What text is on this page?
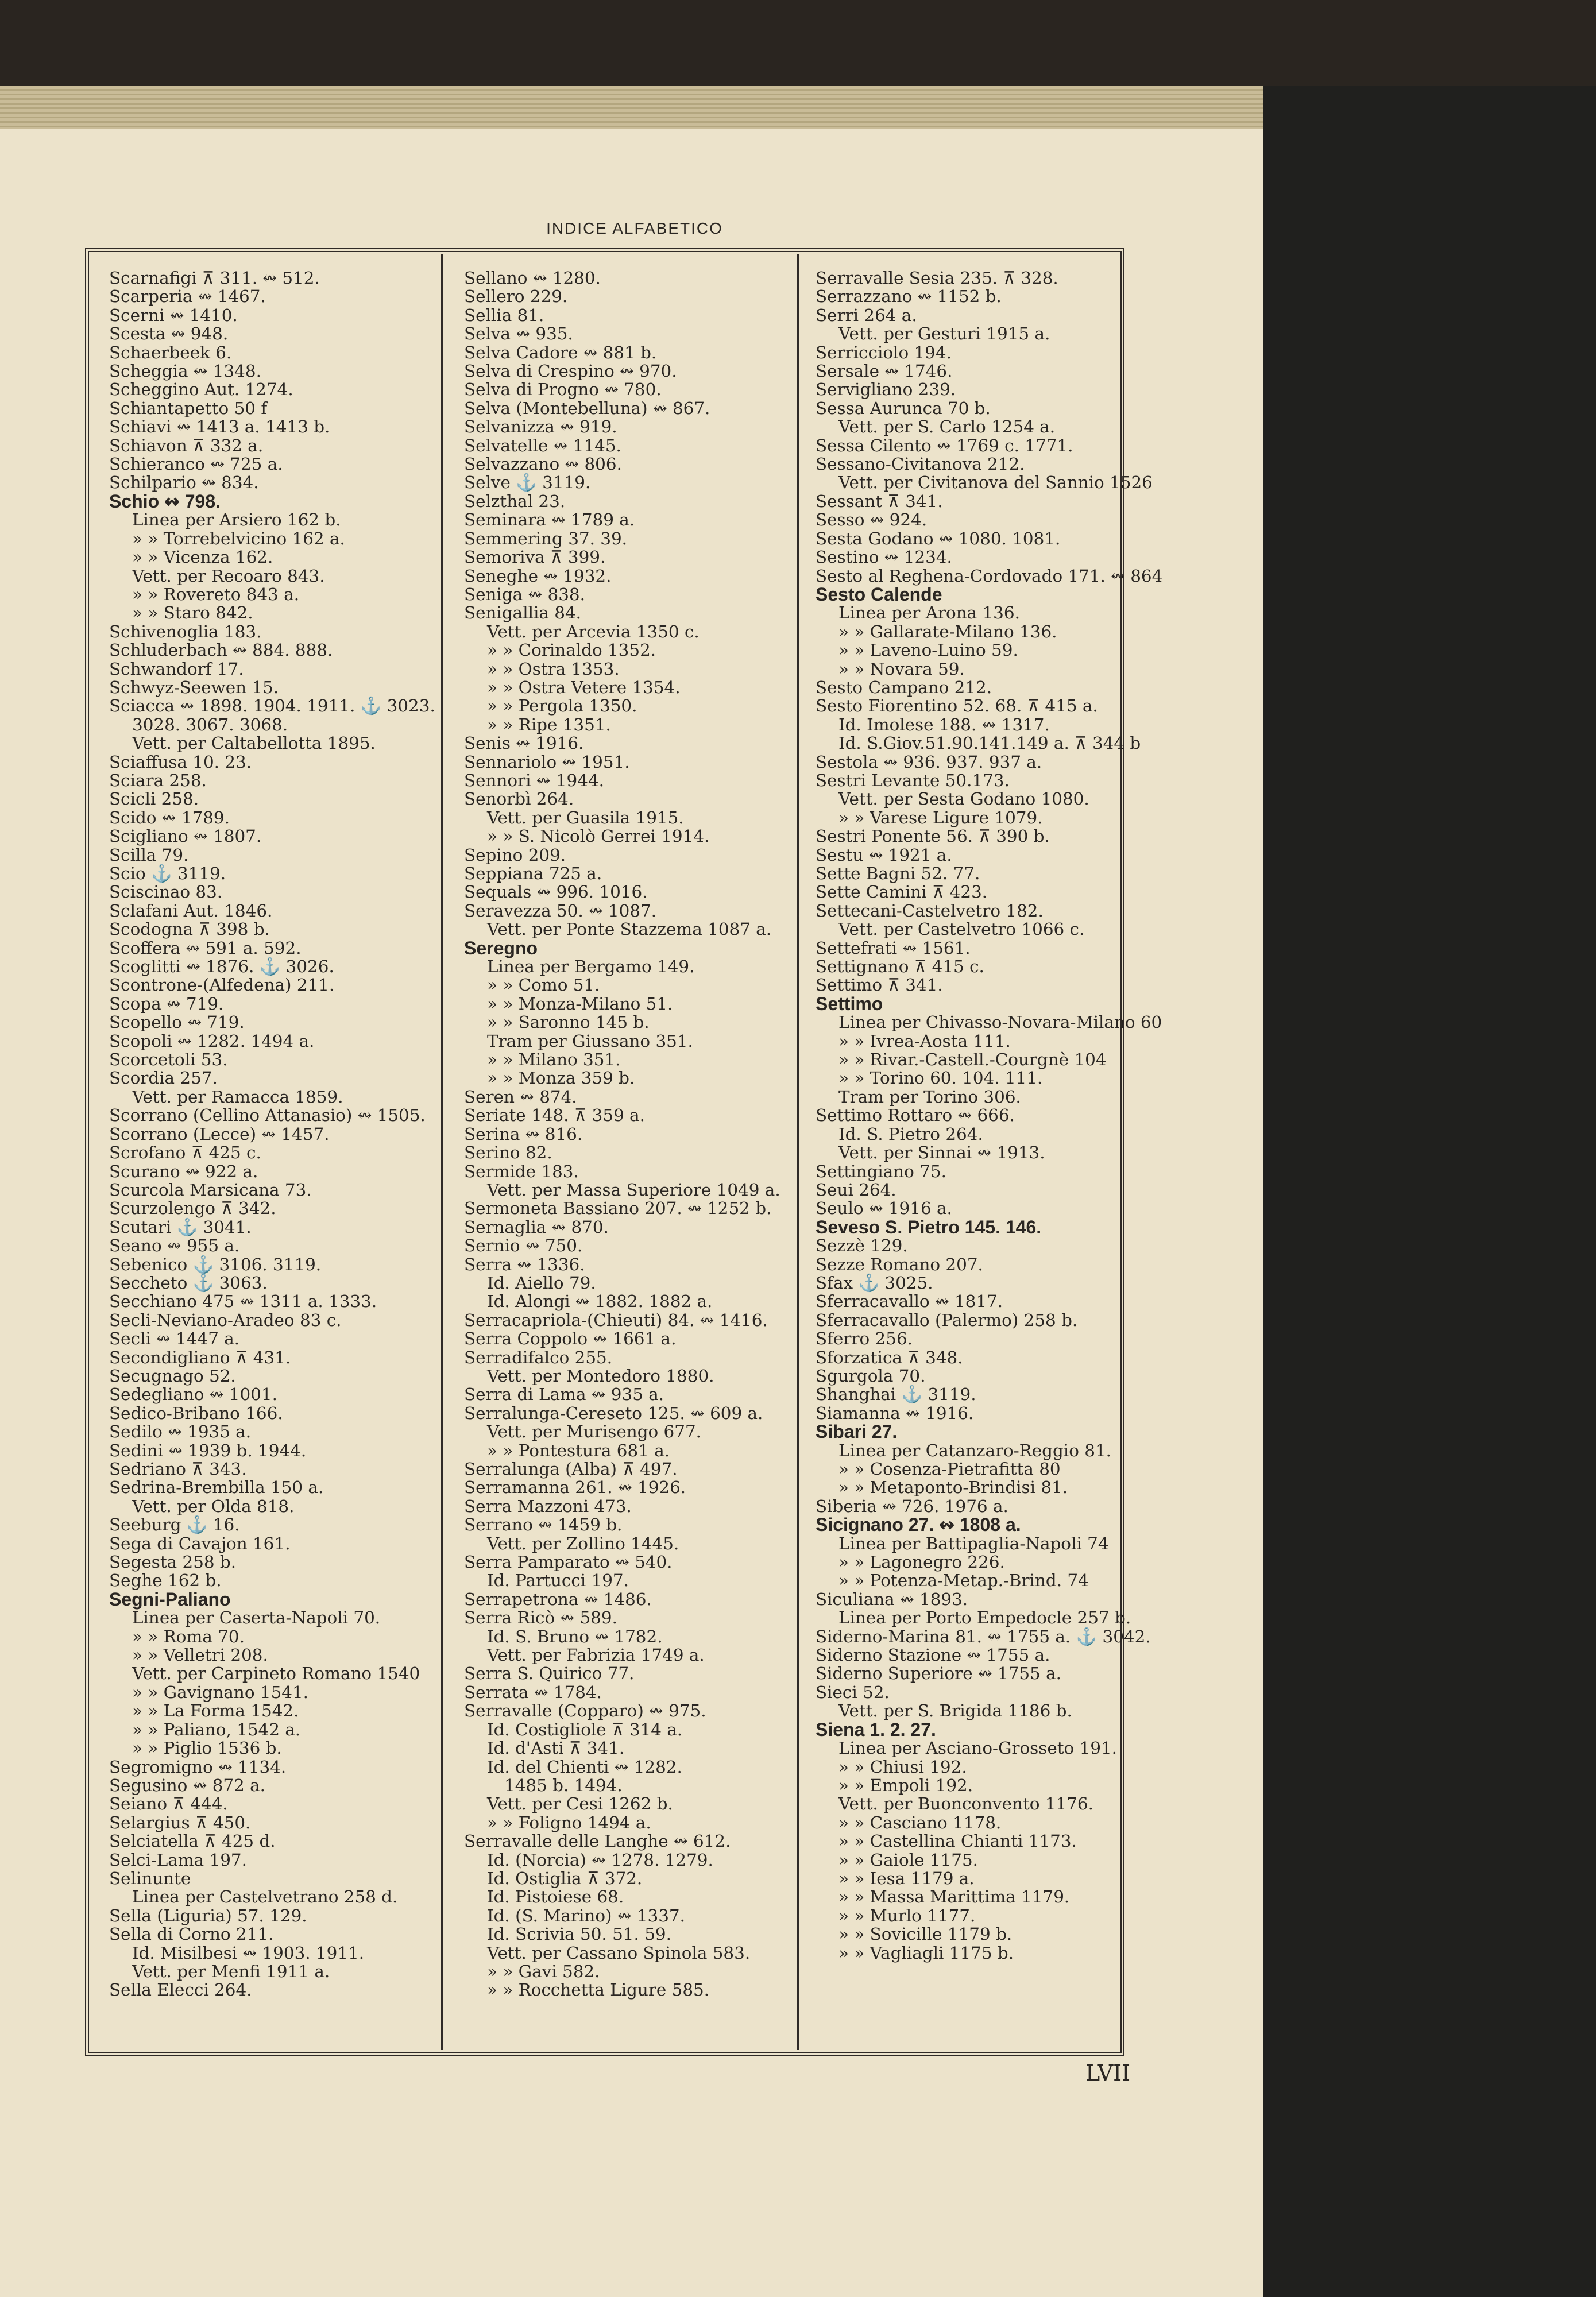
INDICE ALFABETICO
Scarnafigi ⊼ 311. ↭ 512.
Scarperia ↭ 1467.
Scerni ↭ 1410.
Scesta ↭ 948.
Schaerbeek 6.
Scheggia ↭ 1348.
Scheggino Aut. 1274.
Schiantapetto 50 f
Schiavi ↭ 1413 a. 1413 b.
Schiavon ⊼ 332 a.
Schieranco ↭ 725 a.
Schilpario ↭ 834.
Schio ↭ 798.
Linea per Arsiero 162 b.
» » Torrebelvicino 162 a.
» » Vicenza 162.
Vett. per Recoaro 843.
» » Rovereto 843 a.
» » Staro 842.
Schivenoglia 183.
Schluderbach ↭ 884. 888.
Schwandorf 17.
Schwyz-Seewen 15.
Sciacca ↭ 1898. 1904. 1911. ⚓ 3023.
3028. 3067. 3068.
Vett. per Caltabellotta 1895.
Sciaffusa 10. 23.
Sciara 258.
Scicli 258.
Scido ↭ 1789.
Scigliano ↭ 1807.
Scilla 79.
Scio ⚓ 3119.
Sciscinao 83.
Sclafani Aut. 1846.
Scodogna ⊼ 398 b.
Scoffera ↭ 591 a. 592.
Scoglitti ↭ 1876. ⚓ 3026.
Scontrone-(Alfedena) 211.
Scopa ↭ 719.
Scopello ↭ 719.
Scopoli ↭ 1282. 1494 a.
Scorcetoli 53.
Scordia 257.
Vett. per Ramacca 1859.
Scorrano (Cellino Attanasio) ↭ 1505.
Scorrano (Lecce) ↭ 1457.
Scrofano ⊼ 425 c.
Scurano ↭ 922 a.
Scurcola Marsicana 73.
Scurzolengo ⊼ 342.
Scutari ⚓ 3041.
Seano ↭ 955 a.
Sebenico ⚓ 3106. 3119.
Seccheto ⚓ 3063.
Secchiano 475 ↭ 1311 a. 1333.
Secli-Neviano-Aradeo 83 c.
Secli ↭ 1447 a.
Secondigliano ⊼ 431.
Secugnago 52.
Sedegliano ↭ 1001.
Sedico-Bribano 166.
Sedilo ↭ 1935 a.
Sedini ↭ 1939 b. 1944.
Sedriano ⊼ 343.
Sedrina-Brembilla 150 a.
Vett. per Olda 818.
Seeburg ⚓ 16.
Sega di Cavajon 161.
Segesta 258 b.
Seghe 162 b.
Segni-Paliano
Linea per Caserta-Napoli 70.
» » Roma 70.
» » Velletri 208.
Vett. per Carpineto Romano 1540
» » Gavignano 1541.
» » La Forma 1542.
» » Paliano, 1542 a.
» » Piglio 1536 b.
Segromigno ↭ 1134.
Segusino ↭ 872 a.
Seiano ⊼ 444.
Selargius ⊼ 450.
Selciatella ⊼ 425 d.
Selci-Lama 197.
Selinunte
Linea per Castelvetrano 258 d.
Sella (Liguria) 57. 129.
Sella di Corno 211.
Id. Misilbesi ↭ 1903. 1911.
Vett. per Menfi 1911 a.
Sella Elecci 264.
Sellano ↭ 1280.
Sellero 229.
Sellia 81.
Selva ↭ 935.
Selva Cadore ↭ 881 b.
Selva di Crespino ↭ 970.
Selva di Progno ↭ 780.
Selva (Montebelluna) ↭ 867.
Selvanizza ↭ 919.
Selvatelle ↭ 1145.
Selvazzano ↭ 806.
Selve ⚓ 3119.
Selzthal 23.
Seminara ↭ 1789 a.
Semmering 37. 39.
Semoriva ⊼ 399.
Seneghe ↭ 1932.
Seniga ↭ 838.
Senigallia 84.
Vett. per Arcevia 1350 c.
» » Corinaldo 1352.
» » Ostra 1353.
» » Ostra Vetere 1354.
» » Pergola 1350.
» » Ripe 1351.
Senis ↭ 1916.
Sennariolo ↭ 1951.
Sennori ↭ 1944.
Senorbì 264.
Vett. per Guasila 1915.
» » S. Nicolò Gerrei 1914.
Sepino 209.
Seppiana 725 a.
Sequals ↭ 996. 1016.
Seravezza 50. ↭ 1087.
Vett. per Ponte Stazzema 1087 a.
Seregno
Linea per Bergamo 149.
» » Como 51.
» » Monza-Milano 51.
» » Saronno 145 b.
Tram per Giussano 351.
» » Milano 351.
» » Monza 359 b.
Seren ↭ 874.
Seriate 148. ⊼ 359 a.
Serina ↭ 816.
Serino 82.
Sermide 183.
Vett. per Massa Superiore 1049 a.
Sermoneta Bassiano 207. ↭ 1252 b.
Sernaglia ↭ 870.
Sernio ↭ 750.
Serra ↭ 1336.
Id. Aiello 79.
Id. Alongi ↭ 1882. 1882 a.
Serracapriola-(Chieuti) 84. ↭ 1416.
Serra Coppolo ↭ 1661 a.
Serradifalco 255.
Vett. per Montedoro 1880.
Serra di Lama ↭ 935 a.
Serralunga-Cereseto 125. ↭ 609 a.
Vett. per Murisengo 677.
» » Pontestura 681 a.
Serralunga (Alba) ⊼ 497.
Serramanna 261. ↭ 1926.
Serra Mazzoni 473.
Serrano ↭ 1459 b.
Vett. per Zollino 1445.
Serra Pamparato ↭ 540.
Id. Partucci 197.
Serrapetrona ↭ 1486.
Serra Ricò ↭ 589.
Id. S. Bruno ↭ 1782.
Vett. per Fabrizia 1749 a.
Serra S. Quirico 77.
Serrata ↭ 1784.
Serravalle (Copparo) ↭ 975.
Id. Costigliole ⊼ 314 a.
Id. d'Asti ⊼ 341.
Id. del Chienti ↭ 1282.
1485 b. 1494.
Vett. per Cesi 1262 b.
» » Foligno 1494 a.
Serravalle delle Langhe ↭ 612.
Id. (Norcia) ↭ 1278. 1279.
Id. Ostiglia ⊼ 372.
Id. Pistoiese 68.
Id. (S. Marino) ↭ 1337.
Id. Scrivia 50. 51. 59.
Vett. per Cassano Spinola 583.
» » Gavi 582.
» » Rocchetta Ligure 585.
Serravalle Sesia 235. ⊼ 328.
Serrazzano ↭ 1152 b.
Serri 264 a.
Vett. per Gesturi 1915 a.
Serricciolo 194.
Sersale ↭ 1746.
Servigliano 239.
Sessa Aurunca 70 b.
Vett. per S. Carlo 1254 a.
Sessa Cilento ↭ 1769 c. 1771.
Sessano-Civitanova 212.
Vett. per Civitanova del Sannio 1526
Sessant ⊼ 341.
Sesso ↭ 924.
Sesta Godano ↭ 1080. 1081.
Sestino ↭ 1234.
Sesto al Reghena-Cordovado 171. ↭ 864
Sesto Calende
Linea per Arona 136.
» » Gallarate-Milano 136.
» » Laveno-Luino 59.
» » Novara 59.
Sesto Campano 212.
Sesto Fiorentino 52. 68. ⊼ 415 a.
Id. Imolese 188. ↭ 1317.
Id. S.Giov.51.90.141.149 a. ⊼ 344 b
Sestola ↭ 936. 937. 937 a.
Sestri Levante 50.173.
Vett. per Sesta Godano 1080.
» » Varese Ligure 1079.
Sestri Ponente 56. ⊼ 390 b.
Sestu ↭ 1921 a.
Sette Bagni 52. 77.
Sette Camini ⊼ 423.
Settecani-Castelvetro 182.
Vett. per Castelvetro 1066 c.
Settefrati ↭ 1561.
Settignano ⊼ 415 c.
Settimo ⊼ 341.
Settimo
Linea per Chivasso-Novara-Milano 60
» » Ivrea-Aosta 111.
» » Rivar.-Castell.-Courgnè 104
» » Torino 60. 104. 111.
Tram per Torino 306.
Settimo Rottaro ↭ 666.
Id. S. Pietro 264.
Vett. per Sinnai ↭ 1913.
Settingiano 75.
Seui 264.
Seulo ↭ 1916 a.
Seveso S. Pietro 145. 146.
Sezzè 129.
Sezze Romano 207.
Sfax ⚓ 3025.
Sferracavallo ↭ 1817.
Sferracavallo (Palermo) 258 b.
Sferro 256.
Sforzatica ⊼ 348.
Sgurgola 70.
Shanghai ⚓ 3119.
Siamanna ↭ 1916.
Sibari 27.
Linea per Catanzaro-Reggio 81.
» » Cosenza-Pietrafitta 80
» » Metaponto-Brindisi 81.
Siberia ↭ 726. 1976 a.
Sicignano 27. ↭ 1808 a.
Linea per Battipaglia-Napoli 74
» » Lagonegro 226.
» » Potenza-Metap.-Brind. 74
Siculiana ↭ 1893.
Linea per Porto Empedocle 257 b.
Siderno-Marina 81. ↭ 1755 a. ⚓ 3042.
Siderno Stazione ↭ 1755 a.
Siderno Superiore ↭ 1755 a.
Sieci 52.
Vett. per S. Brigida 1186 b.
Siena 1. 2. 27.
Linea per Asciano-Grosseto 191.
» » Chiusi 192.
» » Empoli 192.
Vett. per Buonconvento 1176.
» » Casciano 1178.
» » Castellina Chianti 1173.
» » Gaiole 1175.
» » Iesa 1179 a.
» » Massa Marittima 1179.
» » Murlo 1177.
» » Sovicille 1179 b.
» » Vagliagli 1175 b.
LVII
